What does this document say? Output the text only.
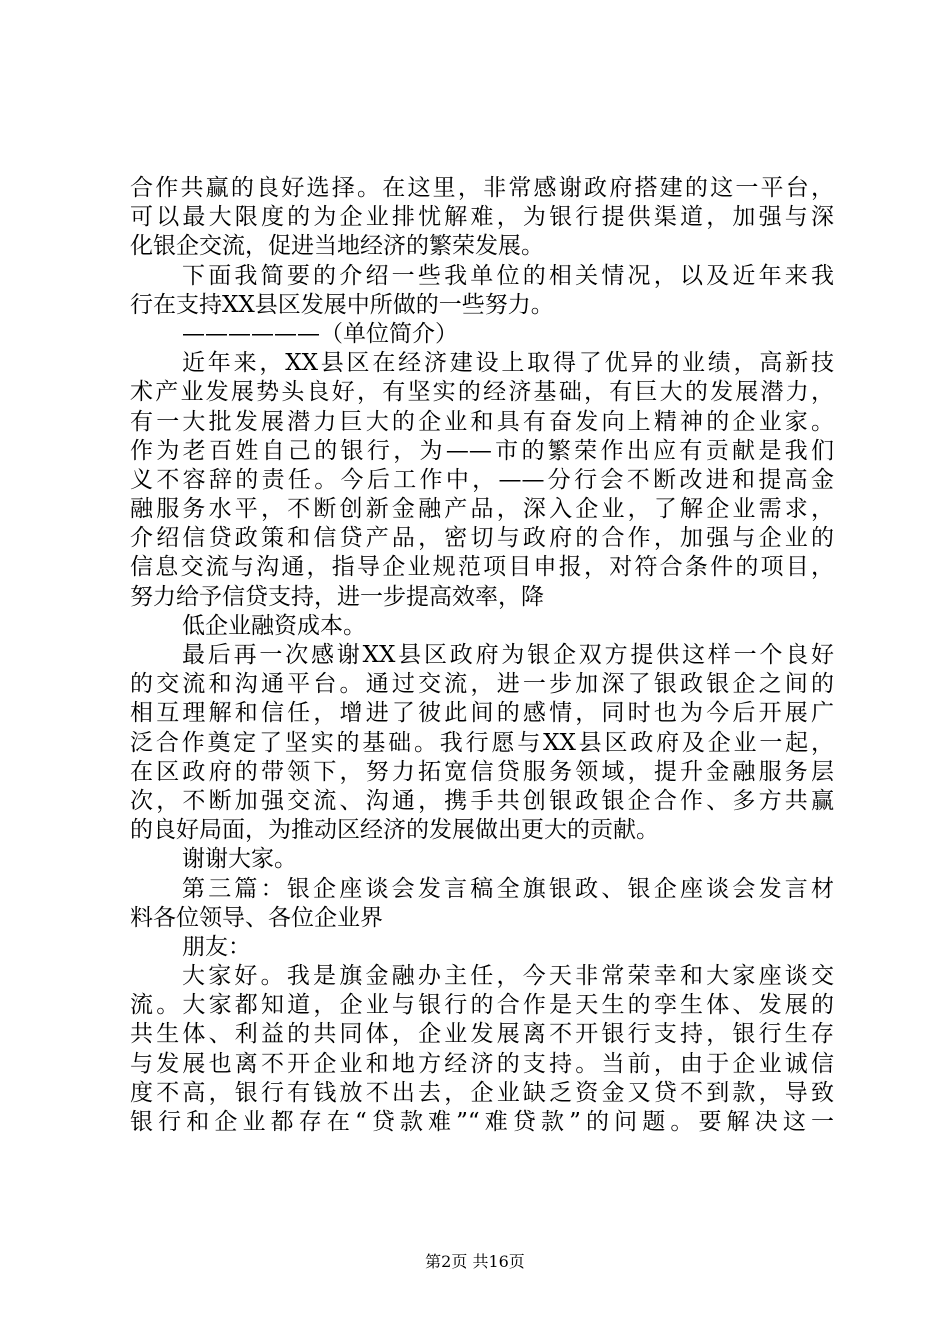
合作共赢的良好选择。在这里，非常感谢政府搭建的这一平台，
可以最大限度的为企业排忧解难，为银行提供渠道，加强与深
化银企交流，促进当地经济的繁荣发展。
下面我简要的介绍一些我单位的相关情况，以及近年来我
行在支持XX县区发展中所做的一些努力。
——————（单位简介）
近年来，XX县区在经济建设上取得了优异的业绩，高新技
术产业发展势头良好，有坚实的经济基础，有巨大的发展潜力，
有一大批发展潜力巨大的企业和具有奋发向上精神的企业家。
作为老百姓自己的银行，为——市的繁荣作出应有贡献是我们
义不容辞的责任。今后工作中，——分行会不断改进和提高金
融服务水平，不断创新金融产品，深入企业，了解企业需求，
介绍信贷政策和信贷产品，密切与政府的合作，加强与企业的
信息交流与沟通，指导企业规范项目申报，对符合条件的项目，
努力给予信贷支持，进一步提高效率，降
低企业融资成本。
最后再一次感谢XX县区政府为银企双方提供这样一个良好
的交流和沟通平台。通过交流，进一步加深了银政银企之间的
相互理解和信任，增进了彼此间的感情，同时也为今后开展广
泛合作奠定了坚实的基础。我行愿与XX县区政府及企业一起，
在区政府的带领下，努力拓宽信贷服务领域，提升金融服务层
次，不断加强交流、沟通，携手共创银政银企合作、多方共赢
的良好局面，为推动区经济的发展做出更大的贡献。
谢谢大家。
第三篇：银企座谈会发言稿全旗银政、银企座谈会发言材
料各位领导、各位企业界
朋友：
大家好。我是旗金融办主任，今天非常荣幸和大家座谈交
流。大家都知道，企业与银行的合作是天生的孪生体、发展的
共生体、利益的共同体，企业发展离不开银行支持，银行生存
与发展也离不开企业和地方经济的支持。当前，由于企业诚信
度不高，银行有钱放不出去，企业缺乏资金又贷不到款，导致
银行和企业都存在“贷款难”“难贷款”的问题。要解决这一
第2页 共16页
